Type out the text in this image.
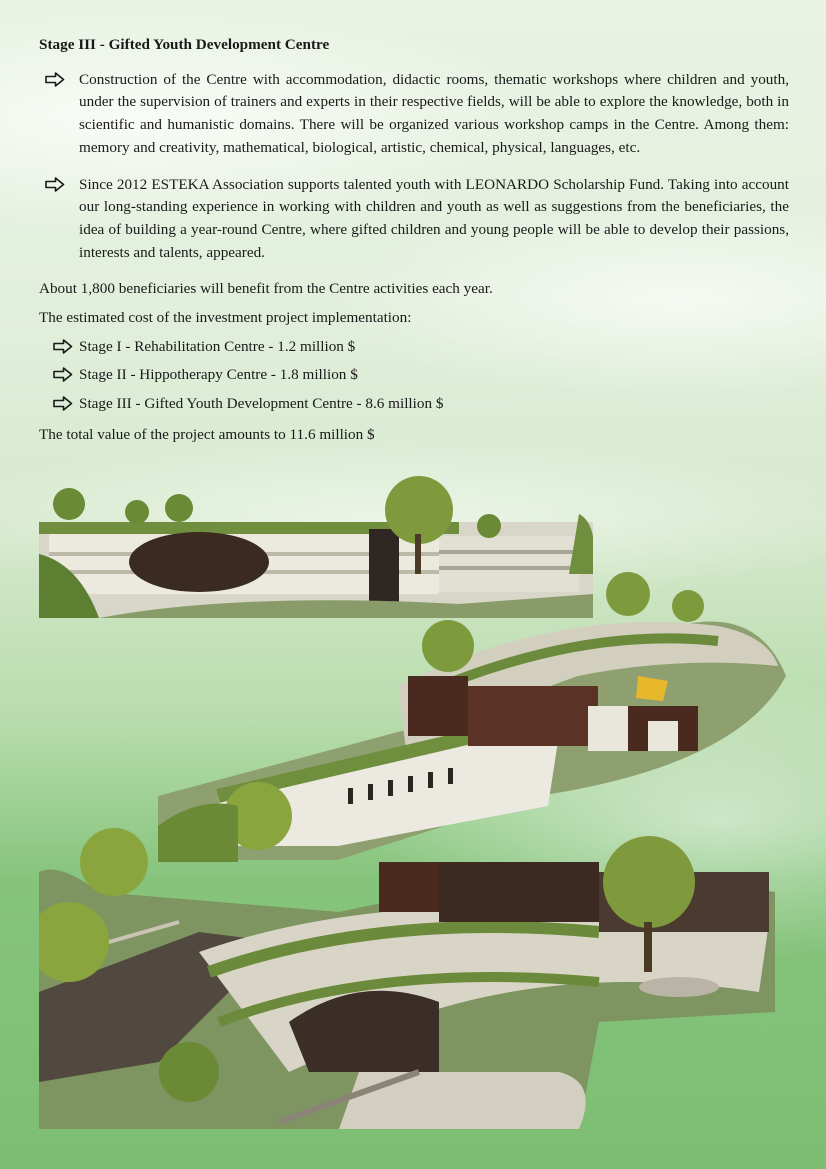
Stage III - Gifted Youth Development Centre
Construction of the Centre with accommodation, didactic rooms, thematic workshops where children and youth, under the supervision of trainers and experts in their respective fields, will be able to explore the knowledge, both in scientific and humanistic domains. There will be organized various workshop camps in the Centre. Among them: memory and creativity, mathematical, biological, artistic, chemical, physical, languages, etc.
Since 2012 ESTEKA Association supports talented youth with LEONARDO Scholarship Fund. Taking into account our long-standing experience in working with children and youth as well as suggestions from the beneficiaries, the idea of building a year-round Centre, where gifted children and young people will be able to develop their passions, interests and talents, appeared.
About 1,800 beneficiaries will benefit from the Centre activities each year.
The estimated cost of the investment project implementation:
Stage I - Rehabilitation Centre - 1.2 million $
Stage II - Hippotherapy Centre - 1.8 million $
Stage III - Gifted Youth Development Centre - 8.6 million $
The total value of the project amounts to 11.6 million $
